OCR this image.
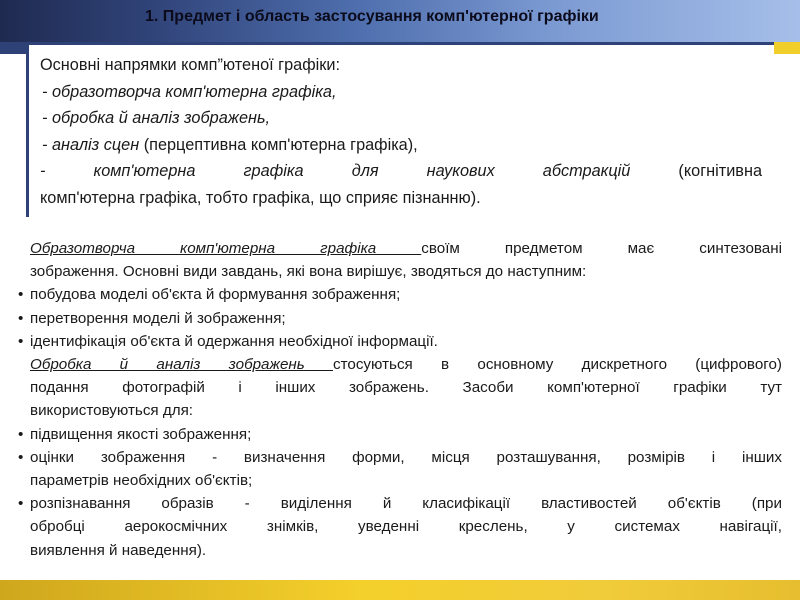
1. Предмет і область застосування комп'ютерної графіки

Основні напрямки комп”ютеної графіки:

- образотворча комп'ютерна графіка,

- обробка й аналіз зображень,

- аналіз сцен (перцептивна комп'ютерна графіка),

- комп'ютерна графіка для наукових абстракцій (когнітивна

комп'ютерна графіка, тобто графіка, що сприяє пізнанню).

Образотворча комп'ютерна графіка своїм предметом має синтезовані

зображення. Основні види завдань, які вона вирішує, зводяться до наступним:

• побудова моделі об'єкта й формування зображення;

• перетворення моделі й зображення;

• ідентифікація об'єкта й одержання необхідної інформації.

Обробка й аналіз зображень стосуються в основному дискретного (цифрового)

подання фотографій і інших зображень. Засоби комп'ютерної графіки тут

використовуються для:

• підвищення якості зображення;

• оцінки зображення - визначення форми, місця розташування, розмірів і інших

параметрів необхідних об'єктів;

• розпізнавання образів - виділення й класифікації властивостей об'єктів (при

обробці аерокосмічних знімків, уведенні креслень, у системах навігації,

виявлення й наведення).
